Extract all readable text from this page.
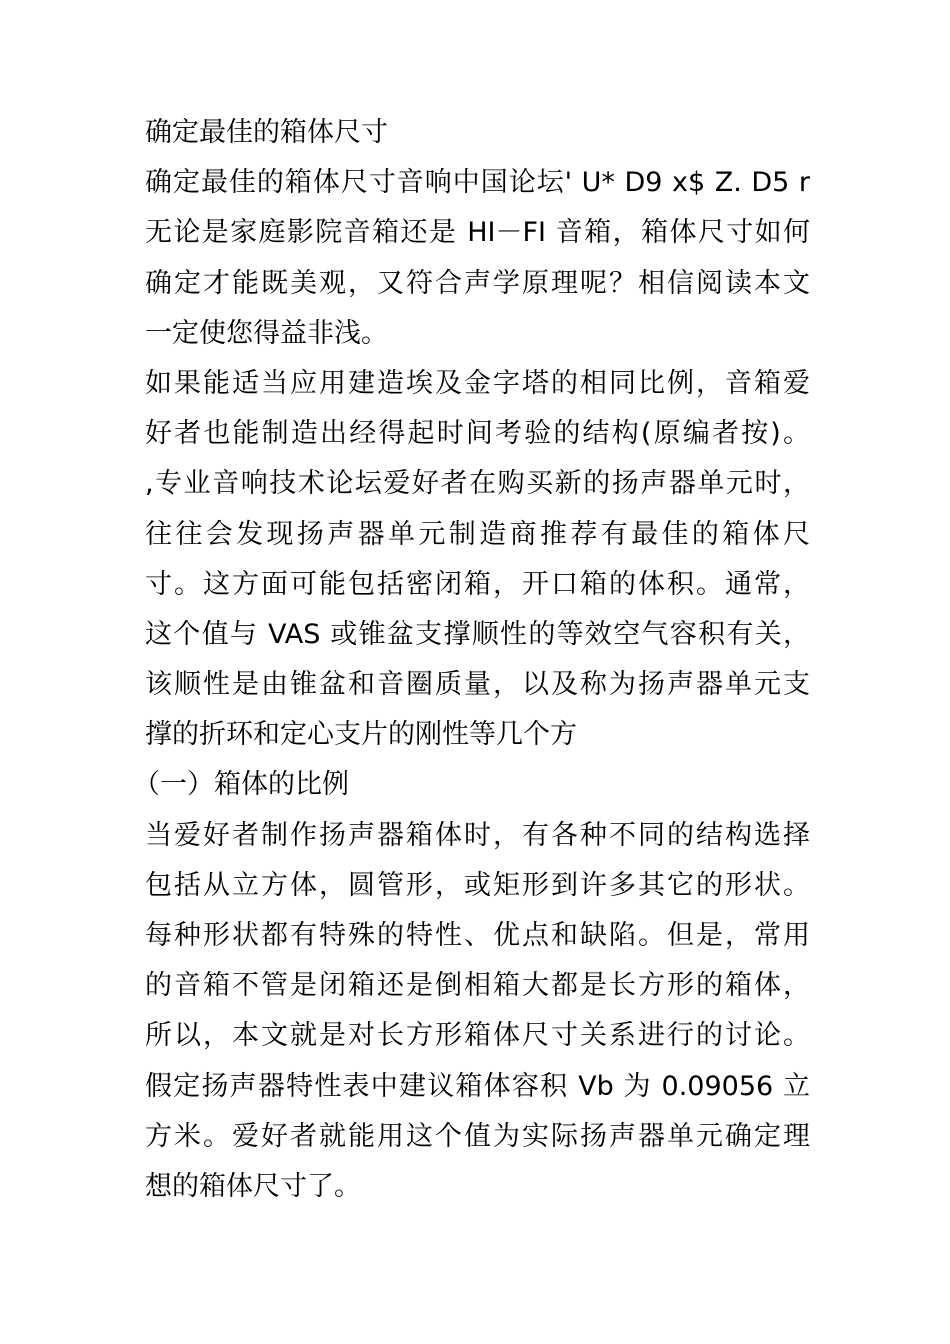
确定最佳的箱体尺寸
确定最佳的箱体尺寸音响中国论坛' U* D9 x$ Z. D5 r
无论是家庭影院音箱还是 HI－FI 音箱，箱体尺寸如何
确定才能既美观，又符合声学原理呢？相信阅读本文
一定使您得益非浅。
如果能适当应用建造埃及金字塔的相同比例，音箱爱
好者也能制造出经得起时间考验的结构(原编者按)。
,专业音响技术论坛爱好者在购买新的扬声器单元时，
往往会发现扬声器单元制造商推荐有最佳的箱体尺
寸。这方面可能包括密闭箱，开口箱的体积。通常，
这个值与 VAS 或锥盆支撑顺性的等效空气容积有关，
该顺性是由锥盆和音圈质量，以及称为扬声器单元支
撑的折环和定心支片的刚性等几个方
（一）箱体的比例
当爱好者制作扬声器箱体时，有各种不同的结构选择
包括从立方体，圆管形，或矩形到许多其它的形状。
每种形状都有特殊的特性、优点和缺陷。但是，常用
的音箱不管是闭箱还是倒相箱大都是长方形的箱体，
所以，本文就是对长方形箱体尺寸关系进行的讨论。
假定扬声器特性表中建议箱体容积 Vb 为 0.09056 立
方米。爱好者就能用这个值为实际扬声器单元确定理
想的箱体尺寸了。
